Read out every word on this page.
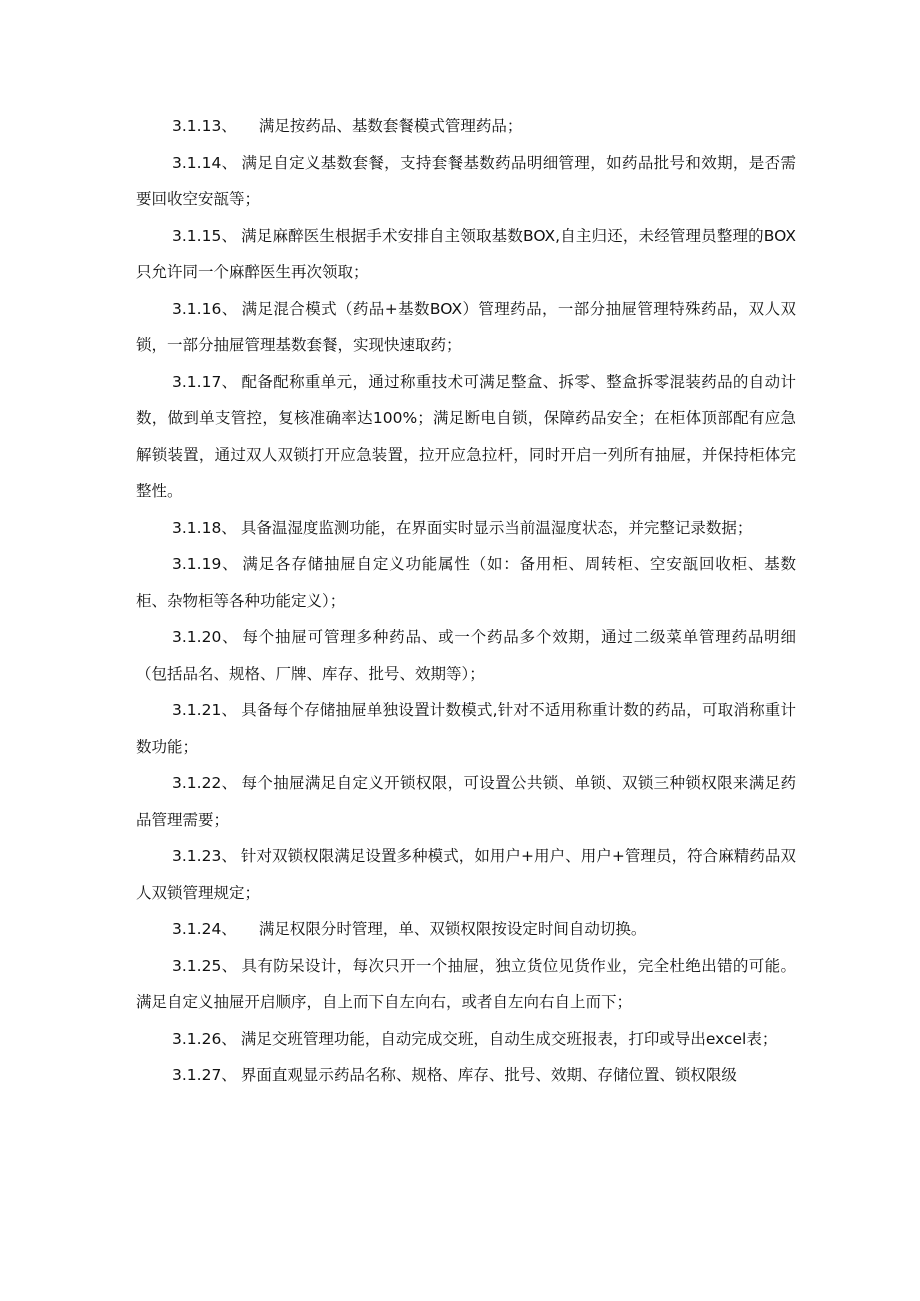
3.1.13、 满足按药品、基数套餐模式管理药品；

3.1.14、 满足自定义基数套餐，支持套餐基数药品明细管理，如药品批号和效期，是否需要回收空安瓿等；

3.1.15、 满足麻醉医生根据手术安排自主领取基数BOX,自主归还，未经管理员整理的BOX只允许同一个麻醉医生再次领取；

3.1.16、 满足混合模式（药品+基数BOX）管理药品，一部分抽屉管理特殊药品，双人双锁，一部分抽屉管理基数套餐，实现快速取药；

3.1.17、 配备配称重单元，通过称重技术可满足整盒、拆零、整盒拆零混装药品的自动计数，做到单支管控，复核准确率达100%；满足断电自锁，保障药品安全；在柜体顶部配有应急解锁装置，通过双人双锁打开应急装置，拉开应急拉杆，同时开启一列所有抽屉，并保持柜体完整性。

3.1.18、 具备温湿度监测功能，在界面实时显示当前温湿度状态，并完整记录数据；

3.1.19、 满足各存储抽屉自定义功能属性（如：备用柜、周转柜、空安瓿回收柜、基数柜、杂物柜等各种功能定义）；

3.1.20、 每个抽屉可管理多种药品、或一个药品多个效期，通过二级菜单管理药品明细（包括品名、规格、厂牌、库存、批号、效期等）；

3.1.21、 具备每个存储抽屉单独设置计数模式,针对不适用称重计数的药品，可取消称重计数功能；

3.1.22、 每个抽屉满足自定义开锁权限，可设置公共锁、单锁、双锁三种锁权限来满足药品管理需要；

3.1.23、 针对双锁权限满足设置多种模式，如用户+用户、用户+管理员，符合麻精药品双人双锁管理规定；

3.1.24、 满足权限分时管理，单、双锁权限按设定时间自动切换。

3.1.25、 具有防呆设计，每次只开一个抽屉，独立货位见货作业，完全杜绝出错的可能。满足自定义抽屉开启顺序，自上而下自左向右，或者自左向右自上而下；

3.1.26、 满足交班管理功能，自动完成交班，自动生成交班报表，打印或导出excel表；

3.1.27、 界面直观显示药品名称、规格、库存、批号、效期、存储位置、锁权限级
